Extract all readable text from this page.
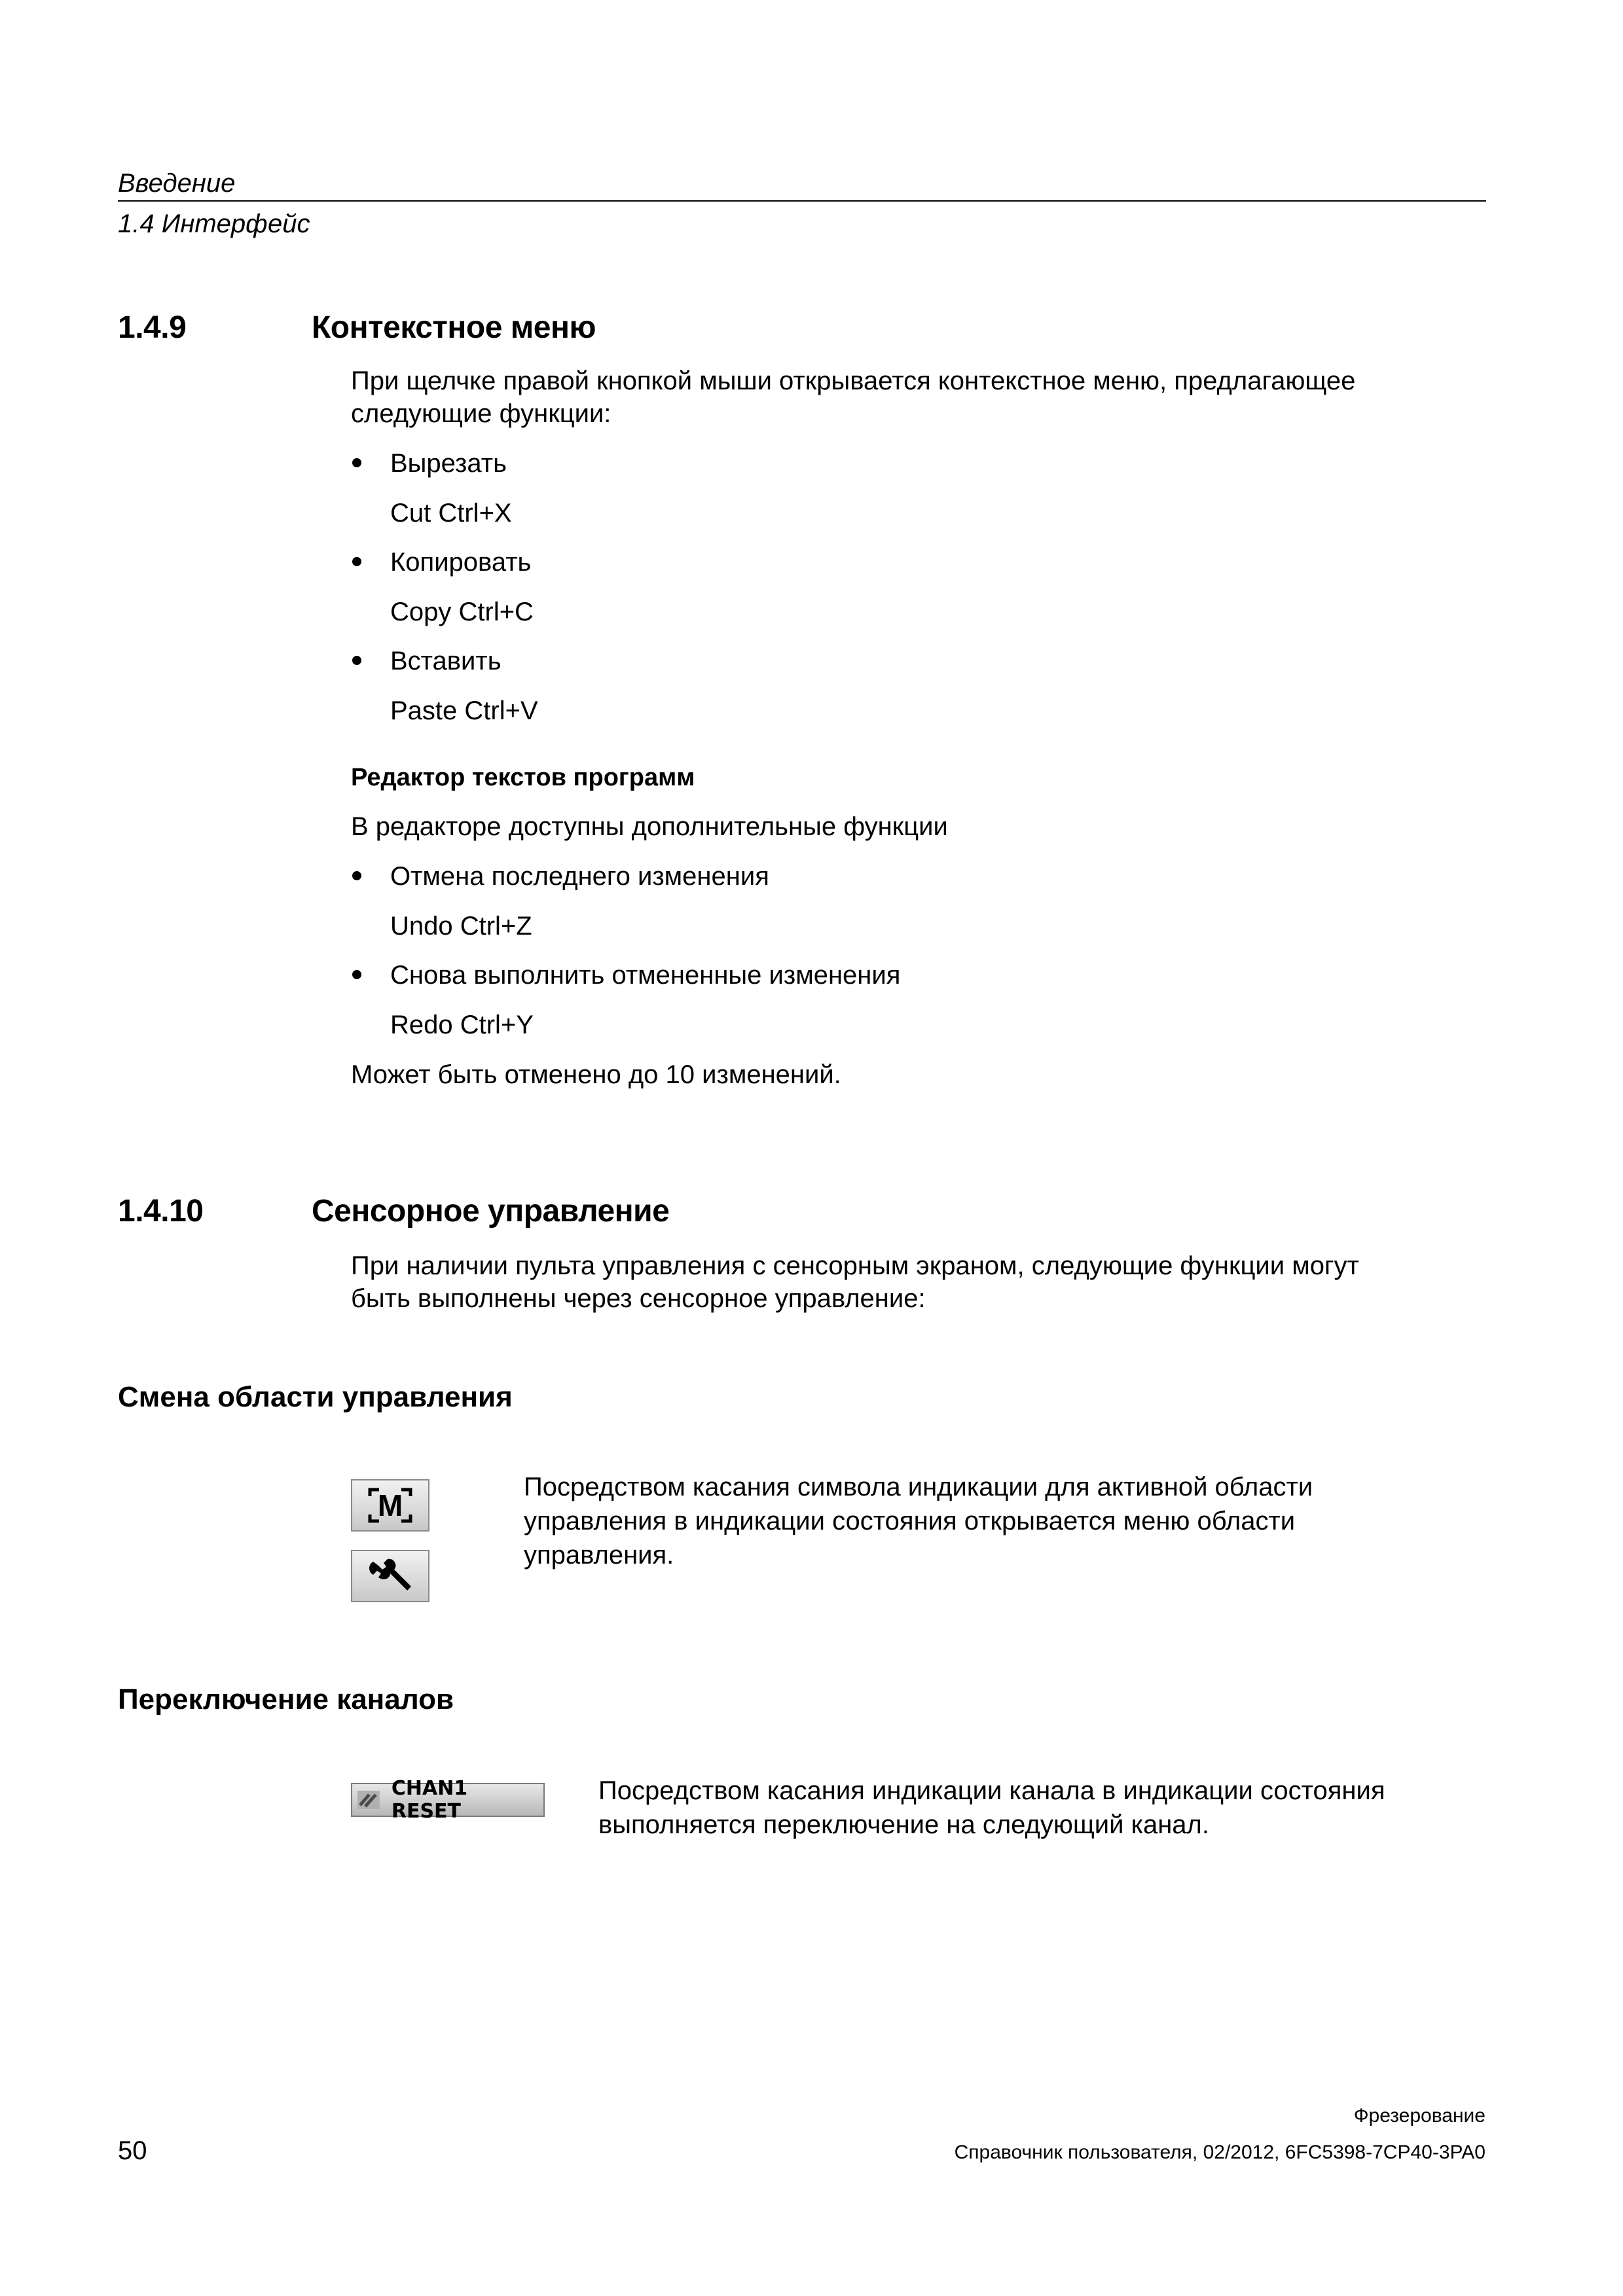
Введение
1.4 Интерфейс
1.4.9	Контекстное меню
При щелчке правой кнопкой мыши открывается контекстное меню, предлагающее
следующие функции:
Вырезать
Cut Ctrl+X
Копировать
Copy Ctrl+C
Вставить
Paste Ctrl+V
Редактор текстов программ
В редакторе доступны дополнительные функции
Отмена последнего изменения
Undo Ctrl+Z
Снова выполнить отмененные изменения
Redo Ctrl+Y
Может быть отменено до 10 изменений.
1.4.10	Сенсорное управление
При наличии пульта управления с сенсорным экраном, следующие функции могут
быть выполнены через сенсорное управление:
Смена области управления
M
Посредством касания символа индикации для активной области
управления в индикации состояния открывается меню области
управления.
Переключение каналов
CHAN1 RESET
Посредством касания индикации канала в индикации состояния
выполняется переключение на следующий канал.
Фрезерование
50	Справочник пользователя, 02/2012, 6FC5398-7CP40-3PA0
